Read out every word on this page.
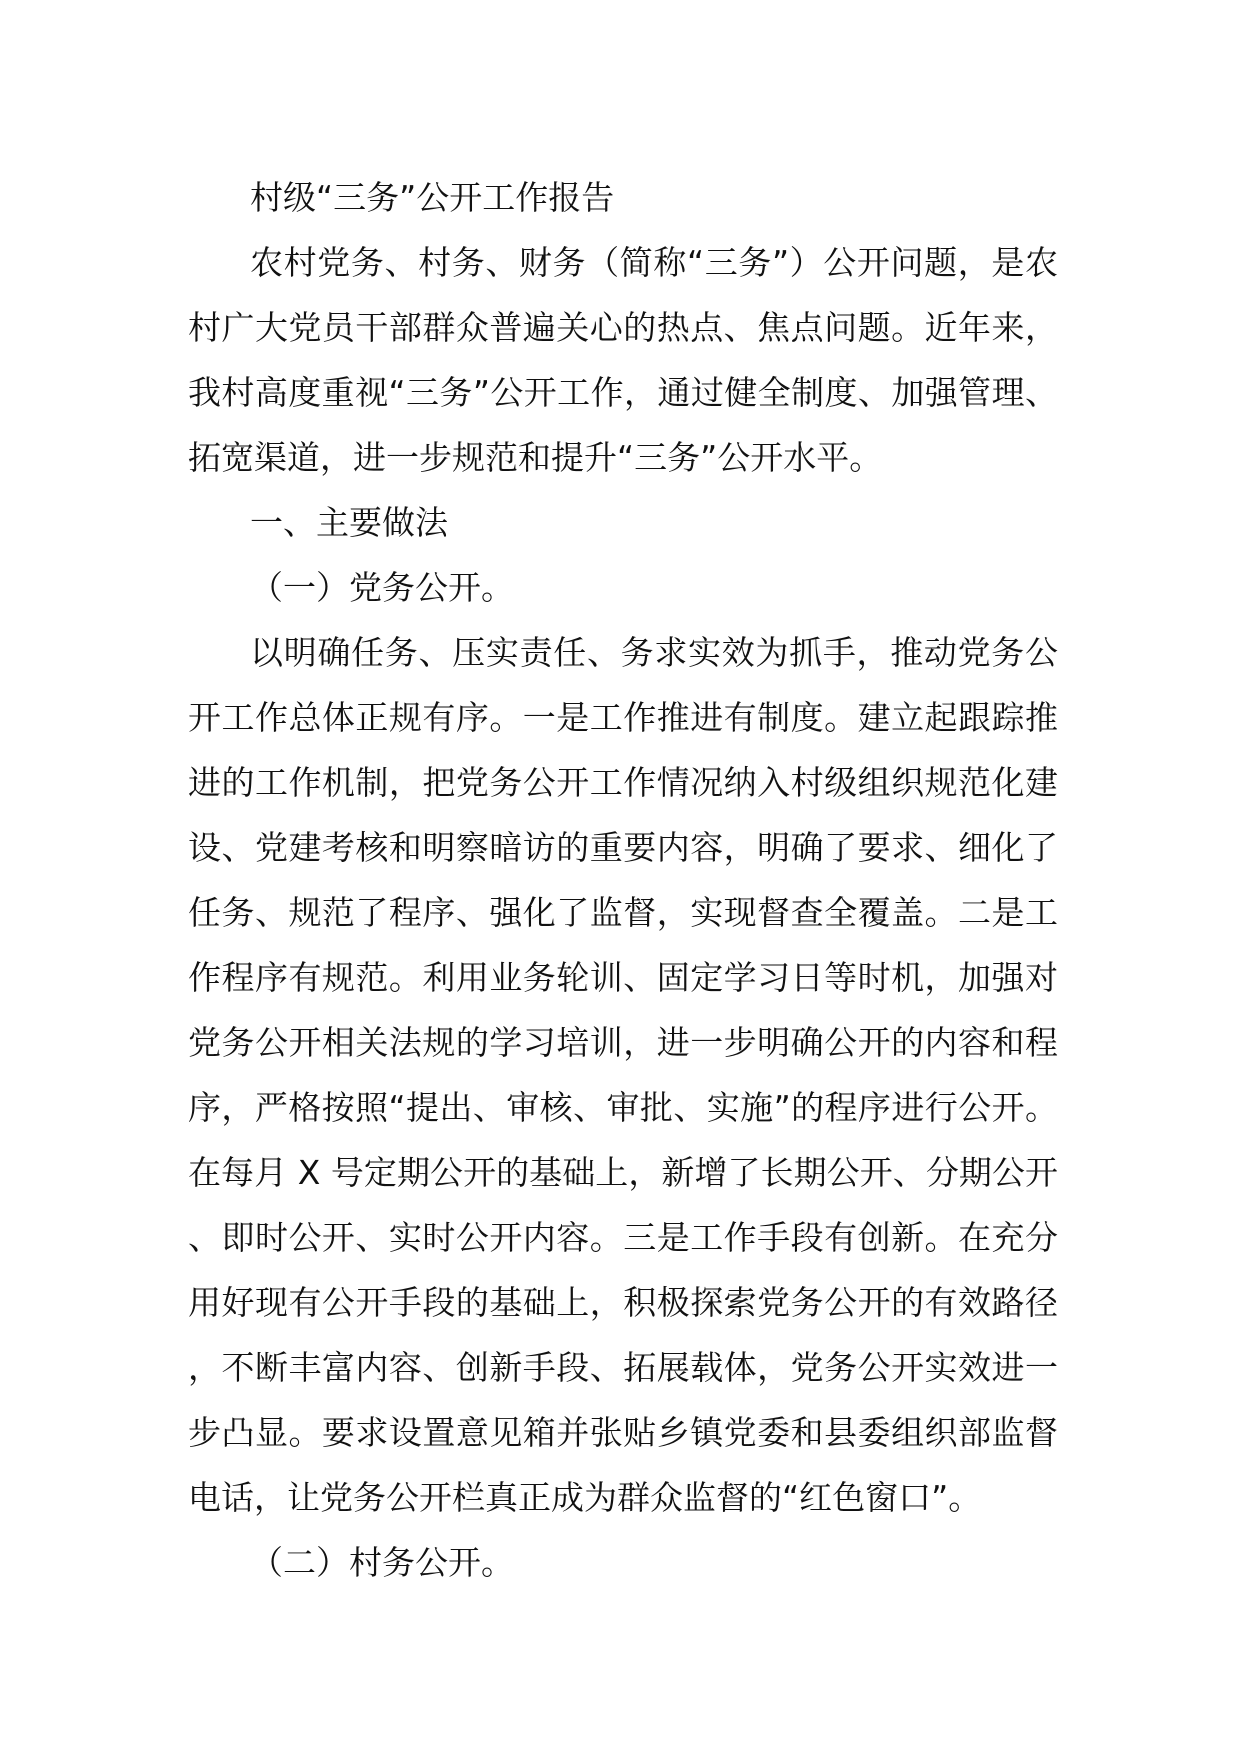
村级“三务”公开工作报告

农村党务、村务、财务（简称“三务”）公开问题，是农村广大党员干部群众普遍关心的热点、焦点问题。近年来，我村高度重视“三务”公开工作，通过健全制度、加强管理、拓宽渠道，进一步规范和提升“三务”公开水平。

一、主要做法

（一）党务公开。

以明确任务、压实责任、务求实效为抓手，推动党务公开工作总体正规有序。一是工作推进有制度。建立起跟踪推进的工作机制，把党务公开工作情况纳入村级组织规范化建设、党建考核和明察暗访的重要内容，明确了要求、细化了任务、规范了程序、强化了监督，实现督查全覆盖。二是工作程序有规范。利用业务轮训、固定学习日等时机，加强对党务公开相关法规的学习培训，进一步明确公开的内容和程序，严格按照“提出、审核、审批、实施”的程序进行公开。在每月 X 号定期公开的基础上，新增了长期公开、分期公开、即时公开、实时公开内容。三是工作手段有创新。在充分用好现有公开手段的基础上，积极探索党务公开的有效路径，不断丰富内容、创新手段、拓展载体，党务公开实效进一步凸显。要求设置意见箱并张贴乡镇党委和县委组织部监督电话，让党务公开栏真正成为群众监督的“红色窗口”。

（二）村务公开。
